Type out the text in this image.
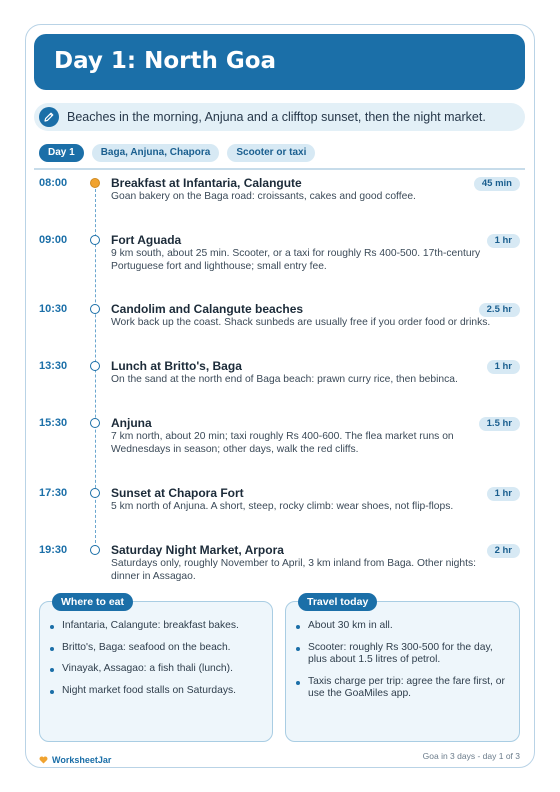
Day 1: North Goa
Beaches in the morning, Anjuna and a clifftop sunset, then the night market.
Day 1	Baga, Anjuna, Chapora	Scooter or taxi
08:00	Breakfast at Infantaria, Calangute	45 min
Goan bakery on the Baga road: croissants, cakes and good coffee.
09:00	Fort Aguada	1 hr
9 km south, about 25 min. Scooter, or a taxi for roughly Rs 400-500. 17th-century Portuguese fort and lighthouse; small entry fee.
10:30	Candolim and Calangute beaches	2.5 hr
Work back up the coast. Shack sunbeds are usually free if you order food or drinks.
13:30	Lunch at Britto's, Baga	1 hr
On the sand at the north end of Baga beach: prawn curry rice, then bebinca.
15:30	Anjuna	1.5 hr
7 km north, about 20 min; taxi roughly Rs 400-600. The flea market runs on Wednesdays in season; other days, walk the red cliffs.
17:30	Sunset at Chapora Fort	1 hr
5 km north of Anjuna. A short, steep, rocky climb: wear shoes, not flip-flops.
19:30	Saturday Night Market, Arpora	2 hr
Saturdays only, roughly November to April, 3 km inland from Baga. Other nights: dinner in Assagao.
Where to eat
Infantaria, Calangute: breakfast bakes.
Britto's, Baga: seafood on the beach.
Vinayak, Assagao: a fish thali (lunch).
Night market food stalls on Saturdays.
Travel today
About 30 km in all.
Scooter: roughly Rs 300-500 for the day, plus about 1.5 litres of petrol.
Taxis charge per trip: agree the fare first, or use the GoaMiles app.
WorksheetJar	Goa in 3 days - day 1 of 3
